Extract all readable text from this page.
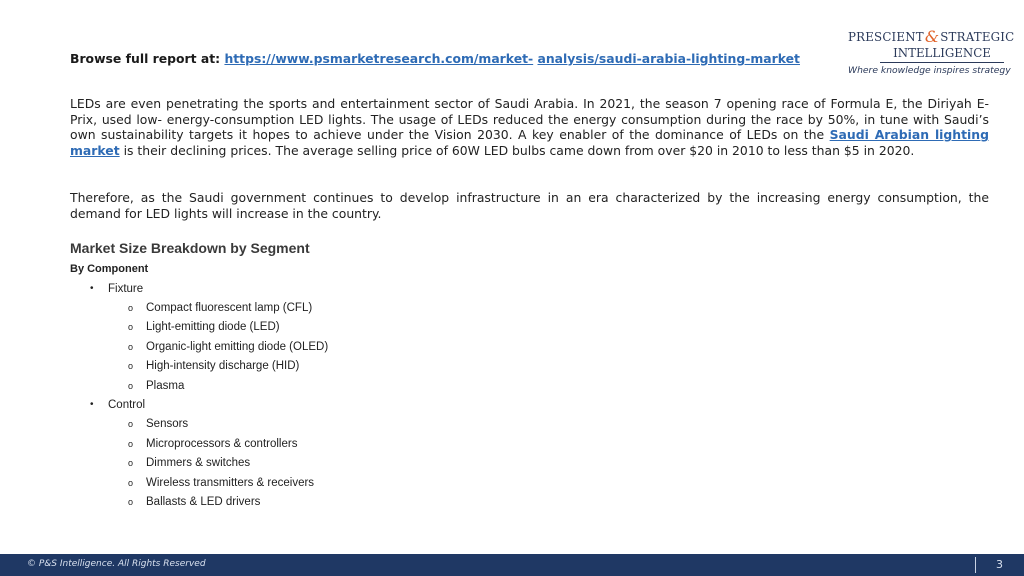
Browse full report at: https://www.psmarketresearch.com/market- analysis/saudi-arabia-lighting-market
PRESCIENT & STRATEGIC
INTELLIGENCE
Where knowledge inspires strategy
LEDs are even penetrating the sports and entertainment sector of Saudi Arabia. In 2021, the season 7 opening race of Formula E, the Diriyah E-Prix, used low- energy-consumption LED lights. The usage of LEDs reduced the energy consumption during the race by 50%, in tune with Saudi’s own sustainability targets it hopes to achieve under the Vision 2030. A key enabler of the dominance of LEDs on the Saudi Arabian lighting market is their declining prices. The average selling price of 60W LED bulbs came down from over $20 in 2010 to less than $5 in 2020.
Therefore, as the Saudi government continues to develop infrastructure in an era characterized by the increasing energy consumption, the demand for LED lights will increase in the country.
Market Size Breakdown by Segment
By Component
• Fixture
o Compact fluorescent lamp (CFL)
o Light-emitting diode (LED)
o Organic-light emitting diode (OLED)
o High-intensity discharge (HID)
o Plasma
• Control
o Sensors
o Microprocessors & controllers
o Dimmers & switches
o Wireless transmitters & receivers
o Ballasts & LED drivers
© P&S Intelligence. All Rights Reserved	3
